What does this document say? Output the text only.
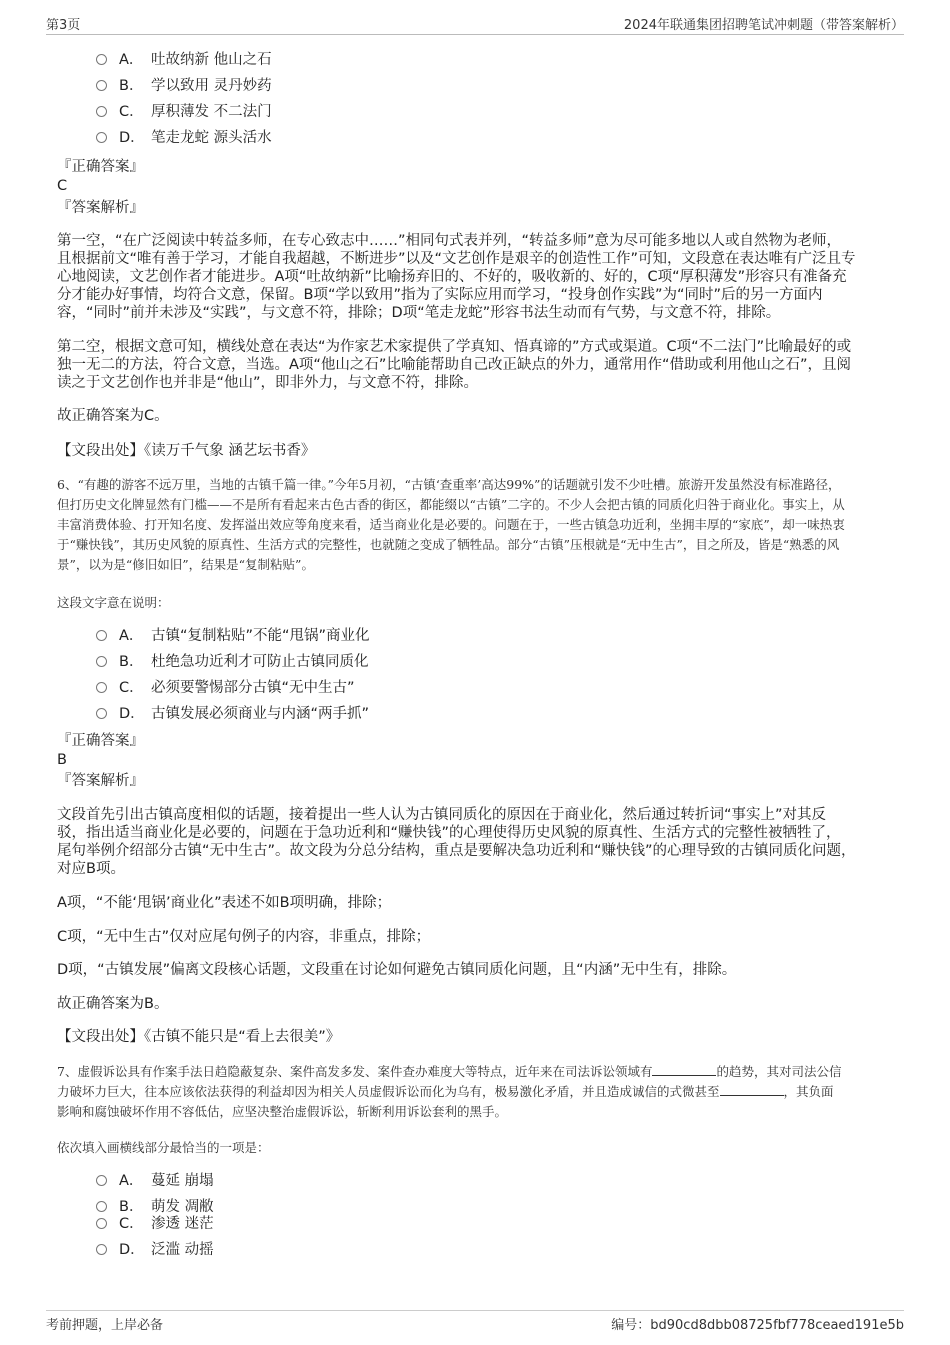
第3页	2024年联通集团招聘笔试冲刺题（带答案解析）
A． 吐故纳新 他山之石
B． 学以致用 灵丹妙药
C． 厚积薄发 不二法门
D． 笔走龙蛇 源头活水
『正确答案』
C
『答案解析』
第一空，“在广泛阅读中转益多师，在专心致志中……”相同句式表并列，“转益多师”意为尽可能多地以人或自然物为老师，
且根据前文“唯有善于学习，才能自我超越，不断进步”以及“文艺创作是艰辛的创造性工作”可知，文段意在表达唯有广泛且专
心地阅读，文艺创作者才能进步。A项“吐故纳新”比喻扬弃旧的、不好的，吸收新的、好的，C项“厚积薄发”形容只有准备充
分才能办好事情，均符合文意，保留。B项“学以致用”指为了实际应用而学习，“投身创作实践”为“同时”后的另一方面内
容，“同时”前并未涉及“实践”，与文意不符，排除；D项“笔走龙蛇”形容书法生动而有气势，与文意不符，排除。
第二空，根据文意可知，横线处意在表达“为作家艺术家提供了学真知、悟真谛的”方式或渠道。C项“不二法门”比喻最好的或
独一无二的方法，符合文意，当选。A项“他山之石”比喻能帮助自己改正缺点的外力，通常用作“借助或利用他山之石”，且阅
读之于文艺创作也并非是“他山”，即非外力，与文意不符，排除。
故正确答案为C。
【文段出处】《读万千气象 涵艺坛书香》
6、“有趣的游客不远万里，当地的古镇千篇一律。”今年5月初，“古镇‘查重率’高达99%”的话题就引发不少吐槽。旅游开发虽然没有标准路径，
但打历史文化牌显然有门槛——不是所有看起来古色古香的街区，都能缀以“古镇”二字的。不少人会把古镇的同质化归咎于商业化。事实上，从
丰富消费体验、打开知名度、发挥溢出效应等角度来看，适当商业化是必要的。问题在于，一些古镇急功近利，坐拥丰厚的“家底”，却一味热衷
于“赚快钱”，其历史风貌的原真性、生活方式的完整性，也就随之变成了牺牲品。部分“古镇”压根就是“无中生古”，目之所及，皆是“熟悉的风
景”，以为是“修旧如旧”，结果是“复制粘贴”。
这段文字意在说明：
A． 古镇“复制粘贴”不能“甩锅”商业化
B． 杜绝急功近利才可防止古镇同质化
C． 必须要警惕部分古镇“无中生古”
D． 古镇发展必须商业与内涵“两手抓”
『正确答案』
B
『答案解析』
文段首先引出古镇高度相似的话题，接着提出一些人认为古镇同质化的原因在于商业化，然后通过转折词“事实上”对其反
驳，指出适当商业化是必要的，问题在于急功近利和“赚快钱”的心理使得历史风貌的原真性、生活方式的完整性被牺牲了，
尾句举例介绍部分古镇“无中生古”。故文段为分总分结构，重点是要解决急功近利和“赚快钱”的心理导致的古镇同质化问题，
对应B项。
A项，“不能‘甩锅’商业化”表述不如B项明确，排除；
C项，“无中生古”仅对应尾句例子的内容，非重点，排除；
D项，“古镇发展”偏离文段核心话题，文段重在讨论如何避免古镇同质化问题，且“内涵”无中生有，排除。
故正确答案为B。
【文段出处】《古镇不能只是“看上去很美”》
7、虚假诉讼具有作案手法日趋隐蔽复杂、案件高发多发、案件查办难度大等特点，近年来在司法诉讼领域有	的趋势，其对司法公信
力破坏力巨大，往本应该依法获得的利益却因为相关人员虚假诉讼而化为乌有，极易激化矛盾，并且造成诚信的式微甚至	，其负面
影响和腐蚀破坏作用不容低估，应坚决整治虚假诉讼，斩断利用诉讼套利的黑手。
依次填入画横线部分最恰当的一项是：
A． 蔓延 崩塌
B． 萌发 凋敝
C． 渗透 迷茫
D． 泛滥 动摇
考前押题，上岸必备	编号：bd90cd8dbb08725fbf778ceaed191e5b
